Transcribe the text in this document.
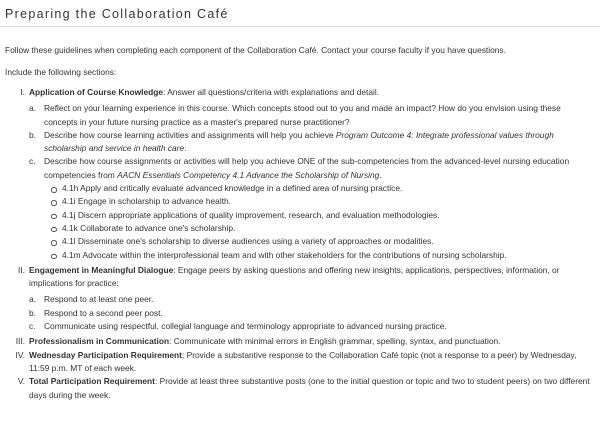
Preparing the Collaboration Café
Follow these guidelines when completing each component of the Collaboration Café. Contact your course faculty if you have questions.
Include the following sections:
I. Application of Course Knowledge: Answer all questions/criteria with explanations and detail.
a. Reflect on your learning experience in this course. Which concepts stood out to you and made an impact? How do you envision using these concepts in your future nursing practice as a master's prepared nurse practitioner?
b. Describe how course learning activities and assignments will help you achieve Program Outcome 4: Integrate professional values through scholarship and service in health care.
c. Describe how course assignments or activities will help you achieve ONE of the sub-competencies from the advanced-level nursing education competencies from AACN Essentials Competency 4.1 Advance the Scholarship of Nursing.
4.1h Apply and critically evaluate advanced knowledge in a defined area of nursing practice.
4.1i Engage in scholarship to advance health.
4.1j Discern appropriate applications of quality improvement, research, and evaluation methodologies.
4.1k Collaborate to advance one's scholarship.
4.1l Disseminate one's scholarship to diverse audiences using a variety of approaches or modalities.
4.1m Advocate within the interprofessional team and with other stakeholders for the contributions of nursing scholarship.
II. Engagement in Meaningful Dialogue: Engage peers by asking questions and offering new insights, applications, perspectives, information, or implications for practice:
a. Respond to at least one peer.
b. Respond to a second peer post.
c. Communicate using respectful, collegial language and terminology appropriate to advanced nursing practice.
III. Professionalism in Communication: Communicate with minimal errors in English grammar, spelling, syntax, and punctuation.
IV. Wednesday Participation Requirement: Provide a substantive response to the Collaboration Café topic (not a response to a peer) by Wednesday, 11:59 p.m. MT of each week.
V. Total Participation Requirement: Provide at least three substantive posts (one to the initial question or topic and two to student peers) on two different days during the week.
